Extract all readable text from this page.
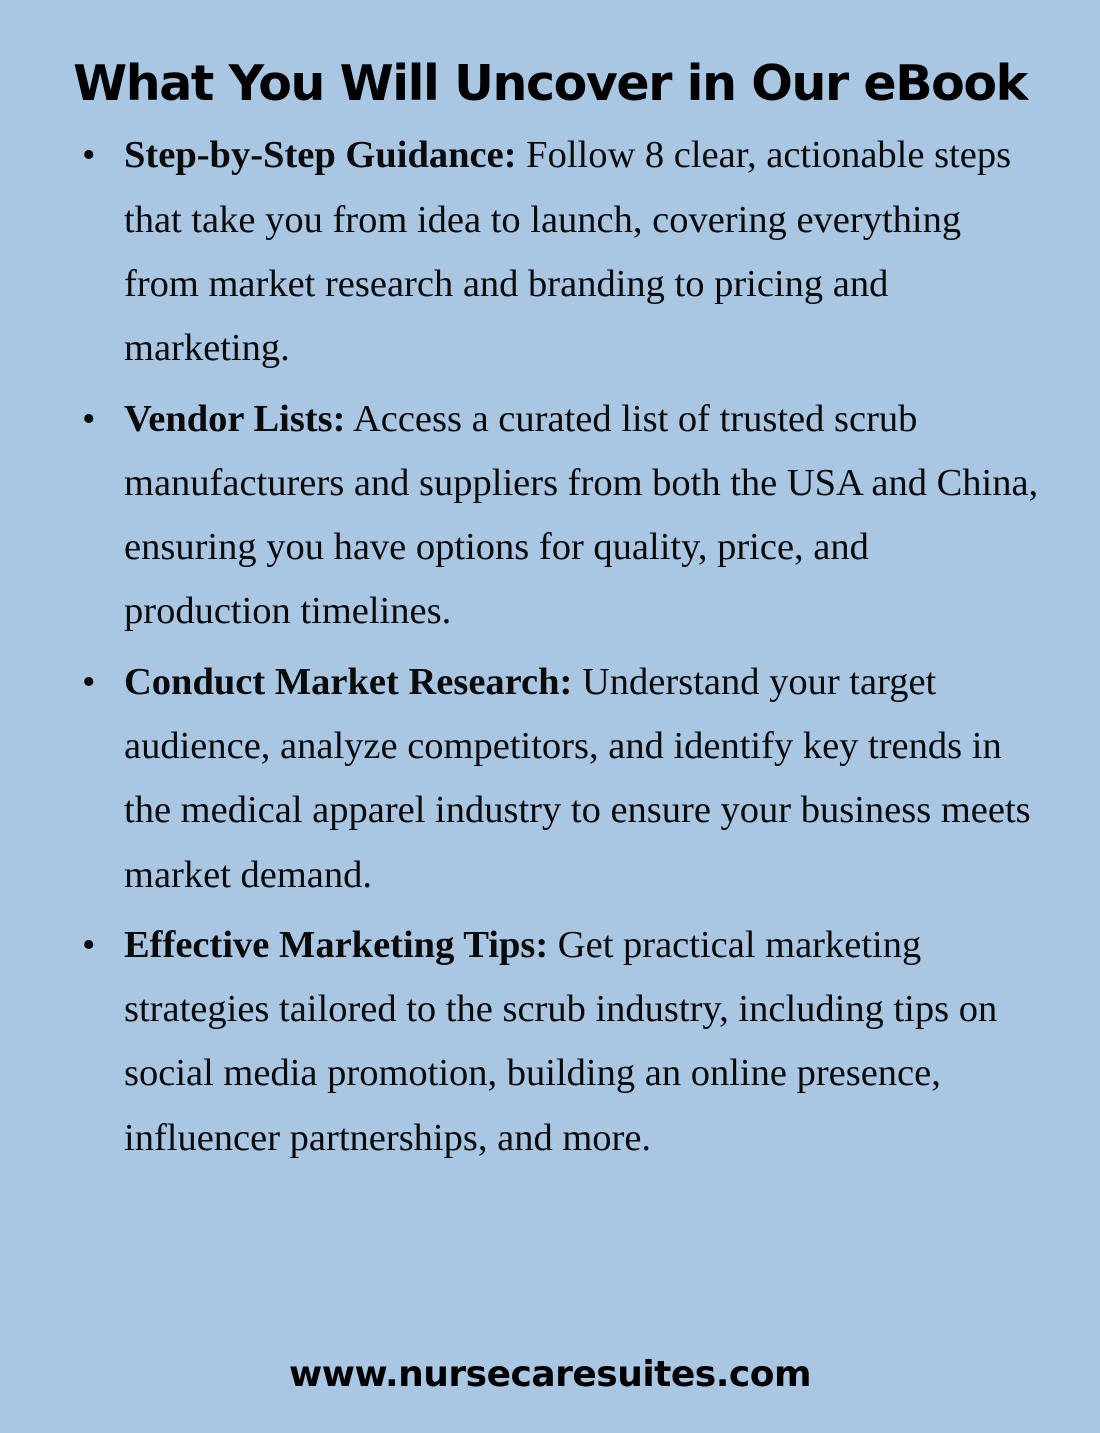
What You Will Uncover in Our eBook
• Step-by-Step Guidance: Follow 8 clear, actionable steps that take you from idea to launch, covering everything from market research and branding to pricing and marketing.
• Vendor Lists: Access a curated list of trusted scrub manufacturers and suppliers from both the USA and China, ensuring you have options for quality, price, and production timelines.
• Conduct Market Research: Understand your target audience, analyze competitors, and identify key trends in the medical apparel industry to ensure your business meets market demand.
• Effective Marketing Tips: Get practical marketing strategies tailored to the scrub industry, including tips on social media promotion, building an online presence, influencer partnerships, and more.
www.nursecaresuites.com
